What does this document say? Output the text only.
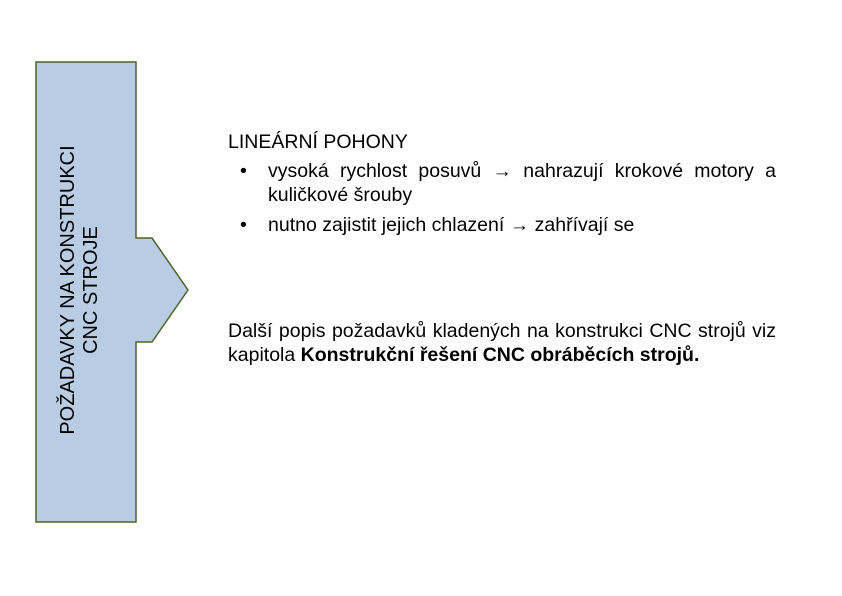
POŽADAVKY NA KONSTRUKCI CNC STROJE
LINEÁRNÍ POHONY
• vysoká rychlost posuvů → nahrazují krokové motory a kuličkové šrouby
• nutno zajistit jejich chlazení → zahřívají se

Další popis požadavků kladených na konstrukci CNC strojů viz kapitola Konstrukční řešení CNC obráběcích strojů.
